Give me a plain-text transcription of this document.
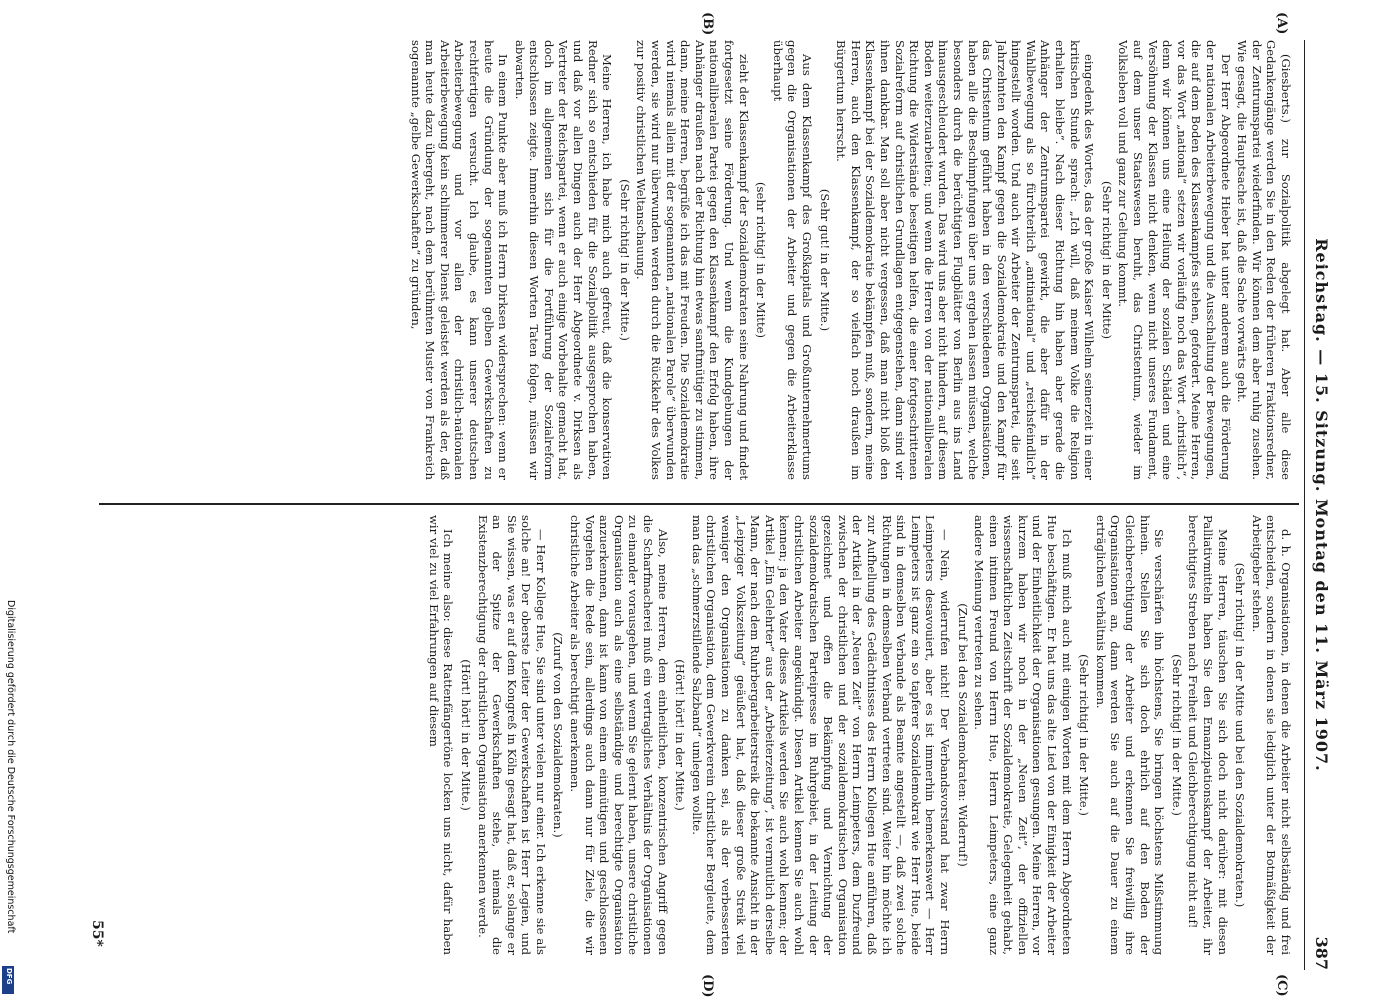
Reichstag. — 15. Sitzung. Montag den 11. März 1907.
387

(Giesberts.) zur Sozialpolitik abgelegt hat. Aber alle diese Gedankengänge werden Sie in den Reden der früheren Fraktionsredner, der Zentrumspartei wiederfinden. Wir können dem aber ruhig zusehen. Wie gesagt, die Hauptsache ist, daß die Sache vorwärts geht.

Der Herr Abgeordnete Hieber hat unter anderem auch die Förderung der nationalen Arbeiterbewegung und die Ausschaltung der Bewegungen, die auf dem Boden des Klassenkampfes stehen, gefordert. Meine Herren, vor das Wort „national“ setzen wir vorläufig noch das Wort „christlich“, denn wir können uns eine Heilung der sozialen Schäden und eine Versöhnung der Klassen nicht denken, wenn nicht unseres Fundament, auf dem unser Staatswesen beruht, das Christentum, wieder im Volksleben voll und ganz zur Geltung kommt.

(Sehr richtig! in der Mitte)

eingedenk des Wortes, das der große Kaiser Wilhelm seinerzeit in einer kritischen Stunde sprach: „Ich will, daß meinem Volke die Religion erhalten bleibe“. Nach dieser Richtung hin haben aber gerade die Anhänger der Zentrumspartei gewirkt, die aber dafür in der Wahlbewegung als so fürchterlich „antinational“ und „reichsfeindlich“ hingestellt worden. Und auch wir Arbeiter der Zentrumspartei, die seit Jahrzehnten den Kampf gegen die Sozialdemokratie und den Kampf für das Christentum geführt haben in den verschiedenen Organisationen, haben alle die Beschimpfungen über uns ergehen lassen müssen, welche besonders durch die berüchtigten Flugblätter von Berlin aus ins Land hinausgeschleudert wurden. Das wird uns aber nicht hindern, auf diesem Boden weiterzuarbeiten; und wenn die Herren von der nationalliberalen Richtung die Widerstände beseitigen helfen, die einer fortgeschrittenen Sozialreform auf christlichen Grundlagen entgegenstehen, dann sind wir ihnen dankbar. Man soll aber nicht vergessen, daß man nicht bloß den Klassenkampf bei der Sozialdemokratie bekämpfen muß, sondern, meine Herren, auch den Klassenkampf, der so vielfach noch draußen im Bürgertum herrscht.

(Sehr gut! in der Mitte.)

Aus dem Klassenkampf des Großkapitals und Großunternehmertums gegen die Organisationen der Arbeiter und gegen die Arbeiterklasse überhaupt

(sehr richtig! in der Mitte)

zieht der Klassenkampf der Sozialdemokraten seine Nahrung und findet fortgesetzt seine Förderung. Und wenn die Kundgebungen der nationalliberalen Partei gegen den Klassenkampf den Erfolg haben, ihre Anhänger draußen nach der Richtung hin etwas sanftmütiger zu stimmen, dann, meine Herren, begrüße ich das mit Freuden. Die Sozialdemokratie wird niemals allein mit der sogenannten „nationalen Parole“ überwunden werden, sie wird nur überwunden werden durch die Rückkehr des Volkes zur positiv christlichen Weltanschauung.

(Sehr richtig! in der Mitte.)

Meine Herren, ich habe mich auch gefreut, daß die konservativen Redner sich so entschieden für die Sozialpolitik ausgesprochen haben, und daß vor allen Dingen auch der Herr Abgeordnete v. Dirksen als Vertreter der Reichspartei, wenn er auch einige Vorbehalte gemacht hat, doch im allgemeinen sich für die Fortführung der Sozialreform entschlossen zeigte. Immerhin diesen Worten Taten folgen, müssen wir abwarten.

In einem Punkte aber muß ich Herrn Dirksen widersprechen: wenn er heute die Gründung der sogenannten gelben Gewerkschaften zu rechtfertigen versucht. Ich glaube, es kann unserer deutschen Arbeiterbewegung und vor allen der christlich-nationalen Arbeiterbewegung kein schlimmerer Dienst geleistet werden als der, daß man heute dazu übergeht, nach dem berühmten Muster von Frankreich sogenannte „gelbe Gewerkschaften“ zu gründen,

d. h. Organisationen, in denen die Arbeiter nicht selbständig und frei entscheiden, sondern in denen sie lediglich unter der Botmäßigkeit der Arbeitgeber stehen.

(Sehr richtig! in der Mitte und bei den Sozialdemokraten.)

Meine Herren, täuschen Sie sich doch nicht darüber: mit diesen Palliativmitteln haben Sie den Emanzipationskampf der Arbeiter, ihr berechtigtes Streben nach Freiheit und Gleichberechtigung nicht auf!

(Sehr richtig! in der Mitte.)

Sie verschärfen ihn höchstens, Sie bringen höchstens Mißstimmung hinein. Stellen Sie sich doch ehrlich auf den Boden der Gleichberechtigung der Arbeiter und erkennen Sie freiwillig ihre Organisationen an, dann werden Sie auch auf die Dauer zu einem erträglichen Verhältnis kommen.

(Sehr richtig! in der Mitte.)

Ich muß mich auch mit einigen Worten mit dem Herrn Abgeordneten Hue beschäftigen. Er hat uns das alte Lied von der Einigkeit der Arbeiter und der Einheitlichkeit der Organisationen gesungen. Meine Herren, vor kurzem haben wir noch in der „Neuen Zeit“, der offiziellen wissenschaftlichen Zeitschrift der Sozialdemokratie, Gelegenheit gehabt, einen intimen Freund von Herrn Hue, Herrn Leimpeters, eine ganz andere Meinung vertreten zu sehen.

(Zuruf bei den Sozialdemokraten: Widerruf!)

— Nein, widerrufen nicht! Der Verbandsvorstand hat zwar Herrn Leimpeters desavouiert, aber es ist immerhin bemerkenswert — Herr Leimpeters ist ganz ein so tapferer Sozialdemokrat wie Herr Hue, beide sind in demselben Verbande als Beamte angestellt —, daß zwei solche Richtungen in demselben Verband vertreten sind. Weiter hin möchte ich zur Aufhellung des Gedächtnisses des Herrn Kollegen Hue anführen, daß der Artikel in der „Neuen Zeit“ von Herrn Leimpeters, dem Duzfreund zwischen der christlichen und der sozialdemokratischen Organisation gezeichnet und offen die Bekämpfung und Vernichtung der sozialdemokratischen Parteipresse im Ruhrgebiet, in der Leitung der christlichen Arbeiter angekündigt. Diesen Artikel kennen Sie auch wohl kennen; ja den Vater dieses Artikels werden Sie auch wohl kennen; der Artikel „Ein Gelehrter“ aus der „Arbeiterzeitung“, ist vermutlich derselbe Mann, der nach dem Ruhrbergarbeiterstreik die bekannte Ansicht in der „Leipziger Volkszeitung“ geäußert hat, daß dieser große Streik viel weniger den Organisationen zu danken sei, als der verbesserten christlichen Organisation, dem Gewerkverein christlicher Bergleute, dem man das „schmerzstillende Salzband“ umlegen wollte.

(Hört! hört! in der Mitte.)

Also, meine Herren, dem einheitlichen, konzentrischen Angriff gegen die Scharfmacherei muß ein vertragliches Verhältnis der Organisationen zu einander vorausgehen, und wenn Sie gelernt haben, unsere christliche Organisation auch als eine selbständige und berechtigte Organisation anzuerkennen, dann ist kann von einem einmütigen und geschlossenen Vorgehen die Rede sein, allerdings auch dann nur für Ziele, die wir christliche Arbeiter als berechtigt anerkennen.

(Zuruf von den Sozialdemokraten.)

— Herr Kollege Hue, Sie sind unter vielen nur einer. Ich erkenne sie als solche an! Der oberste Leiter der Gewerkschaften ist Herr Legien, und Sie wissen, was er auf dem Kongreß in Köln gesagt hat, daß er, solange er an der Spitze der Gewerkschaften stehe, niemals die Existenzberechtigung der christlichen Organisation anerkennen werde.

(Hört! hört! in der Mitte.)

Ich meine also: diese Rattenfängertöne locken uns nicht, dafür haben wir viel zu viel Erfahrungen auf diesem

(A)
(B)
(C)
(D)
55*
Digitalisierung gefördert durch die Deutsche Forschungsgemeinschaft
DFG
